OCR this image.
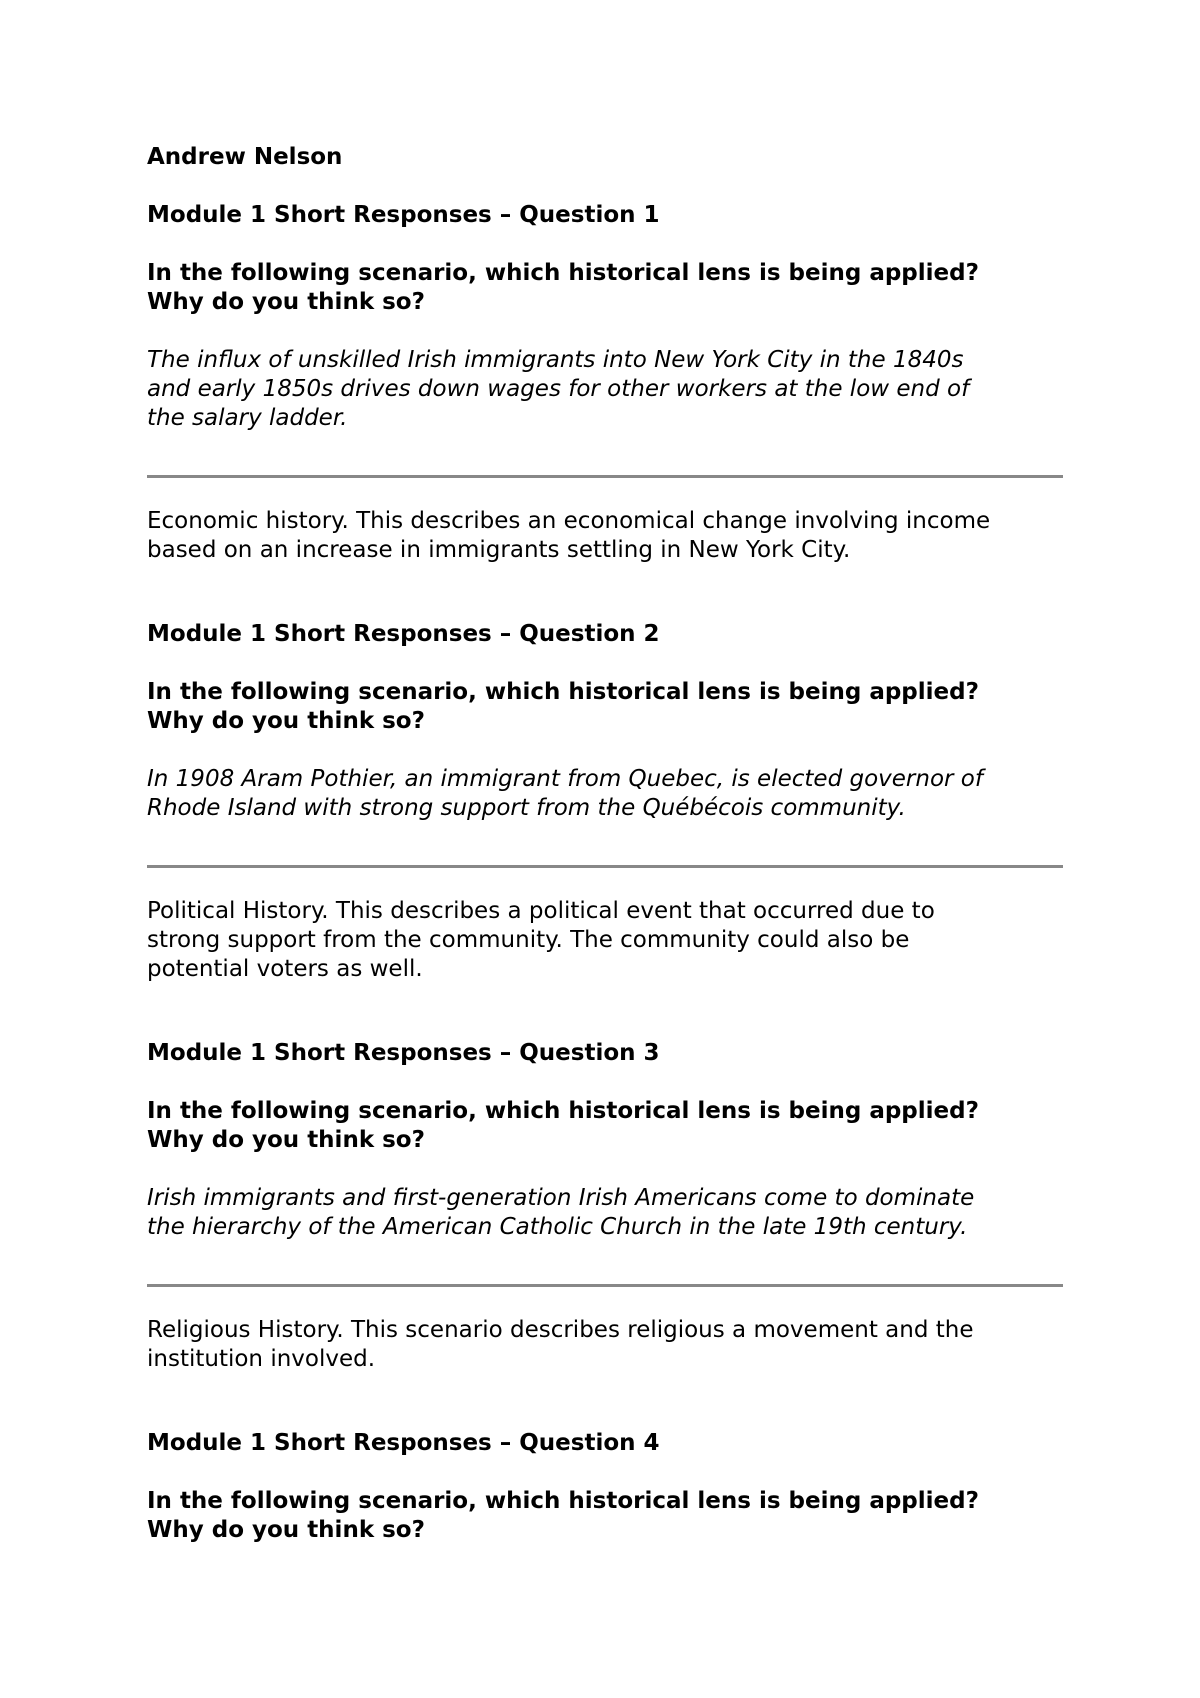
Andrew Nelson

Module 1 Short Responses – Question 1

In the following scenario, which historical lens is being applied?
Why do you think so?

The influx of unskilled Irish immigrants into New York City in the 1840s
and early 1850s drives down wages for other workers at the low end of
the salary ladder.

Economic history. This describes an economical change involving income
based on an increase in immigrants settling in New York City.

Module 1 Short Responses – Question 2

In the following scenario, which historical lens is being applied?
Why do you think so?

In 1908 Aram Pothier, an immigrant from Quebec, is elected governor of
Rhode Island with strong support from the Québécois community.

Political History. This describes a political event that occurred due to
strong support from the community. The community could also be
potential voters as well.

Module 1 Short Responses – Question 3

In the following scenario, which historical lens is being applied?
Why do you think so?

Irish immigrants and first-generation Irish Americans come to dominate
the hierarchy of the American Catholic Church in the late 19th century.

Religious History. This scenario describes religious a movement and the
institution involved.

Module 1 Short Responses – Question 4

In the following scenario, which historical lens is being applied?
Why do you think so?
